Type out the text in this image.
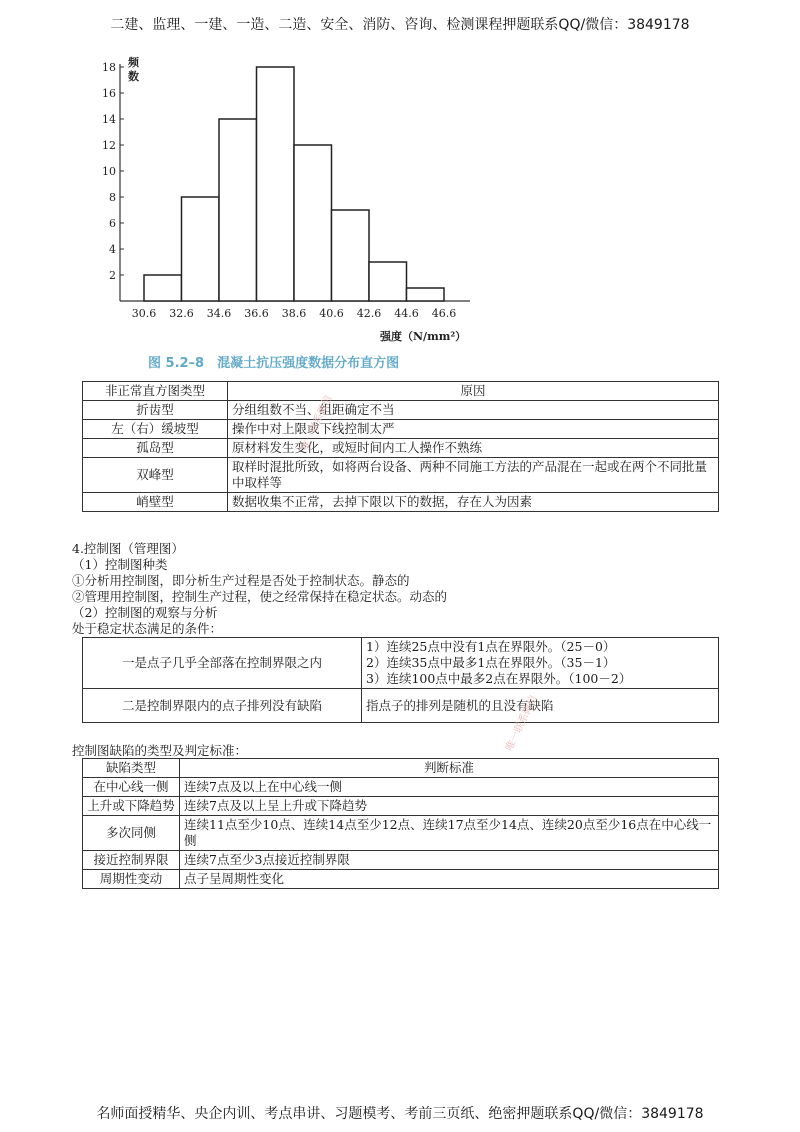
二建、监理、一建、一造、二造、安全、消防、咨询、检测课程押题联系QQ/微信：3849178
频数
2
4
6
8
10
12
14
16
18
30.6 32.6 34.6 36.6 38.6 40.6 42.6 44.6 46.6
强度（N/mm²）
图 5.2–8　混凝土抗压强度数据分布直方图
非正常直方图类型	原因
折齿型	分组组数不当、组距确定不当
左（右）缓坡型	操作中对上限或下线控制太严
孤岛型	原材料发生变化，或短时间内工人操作不熟练
双峰型	取样时混批所致，如将两台设备、两种不同施工方法的产品混在一起或在两个不同批量中取样等
峭壁型	数据收集不正常，去掉下限以下的数据，存在人为因素
4.控制图（管理图）
（1）控制图种类
①分析用控制图，即分析生产过程是否处于控制状态。静态的
②管理用控制图，控制生产过程，使之经常保持在稳定状态。动态的
（2）控制图的观察与分析
处于稳定状态满足的条件：
一是点子几乎全部落在控制界限之内	1）连续25点中没有1点在界限外。（25－0）
2）连续35点中最多1点在界限外。（35－1）
3）连续100点中最多2点在界限外。（100－2）

二是控制界限内的点子排列没有缺陷	指点子的排列是随机的且没有缺陷
控制图缺陷的类型及判定标准：
缺陷类型	判断标准
在中心线一侧	连续7点及以上在中心线一侧
上升或下降趋势	连续7点及以上呈上升或下降趋势
多次同侧	连续11点至少10点、连续14点至少12点、连续17点至少14点、连续20点至少16点在中心线一侧
接近控制界限	连续7点至少3点接近控制界限
周期性变动	点子呈周期性变化
唯一联系微信
唯一联系微信
名师面授精华、央企内训、考点串讲、习题模考、考前三页纸、绝密押题联系QQ/微信：3849178
